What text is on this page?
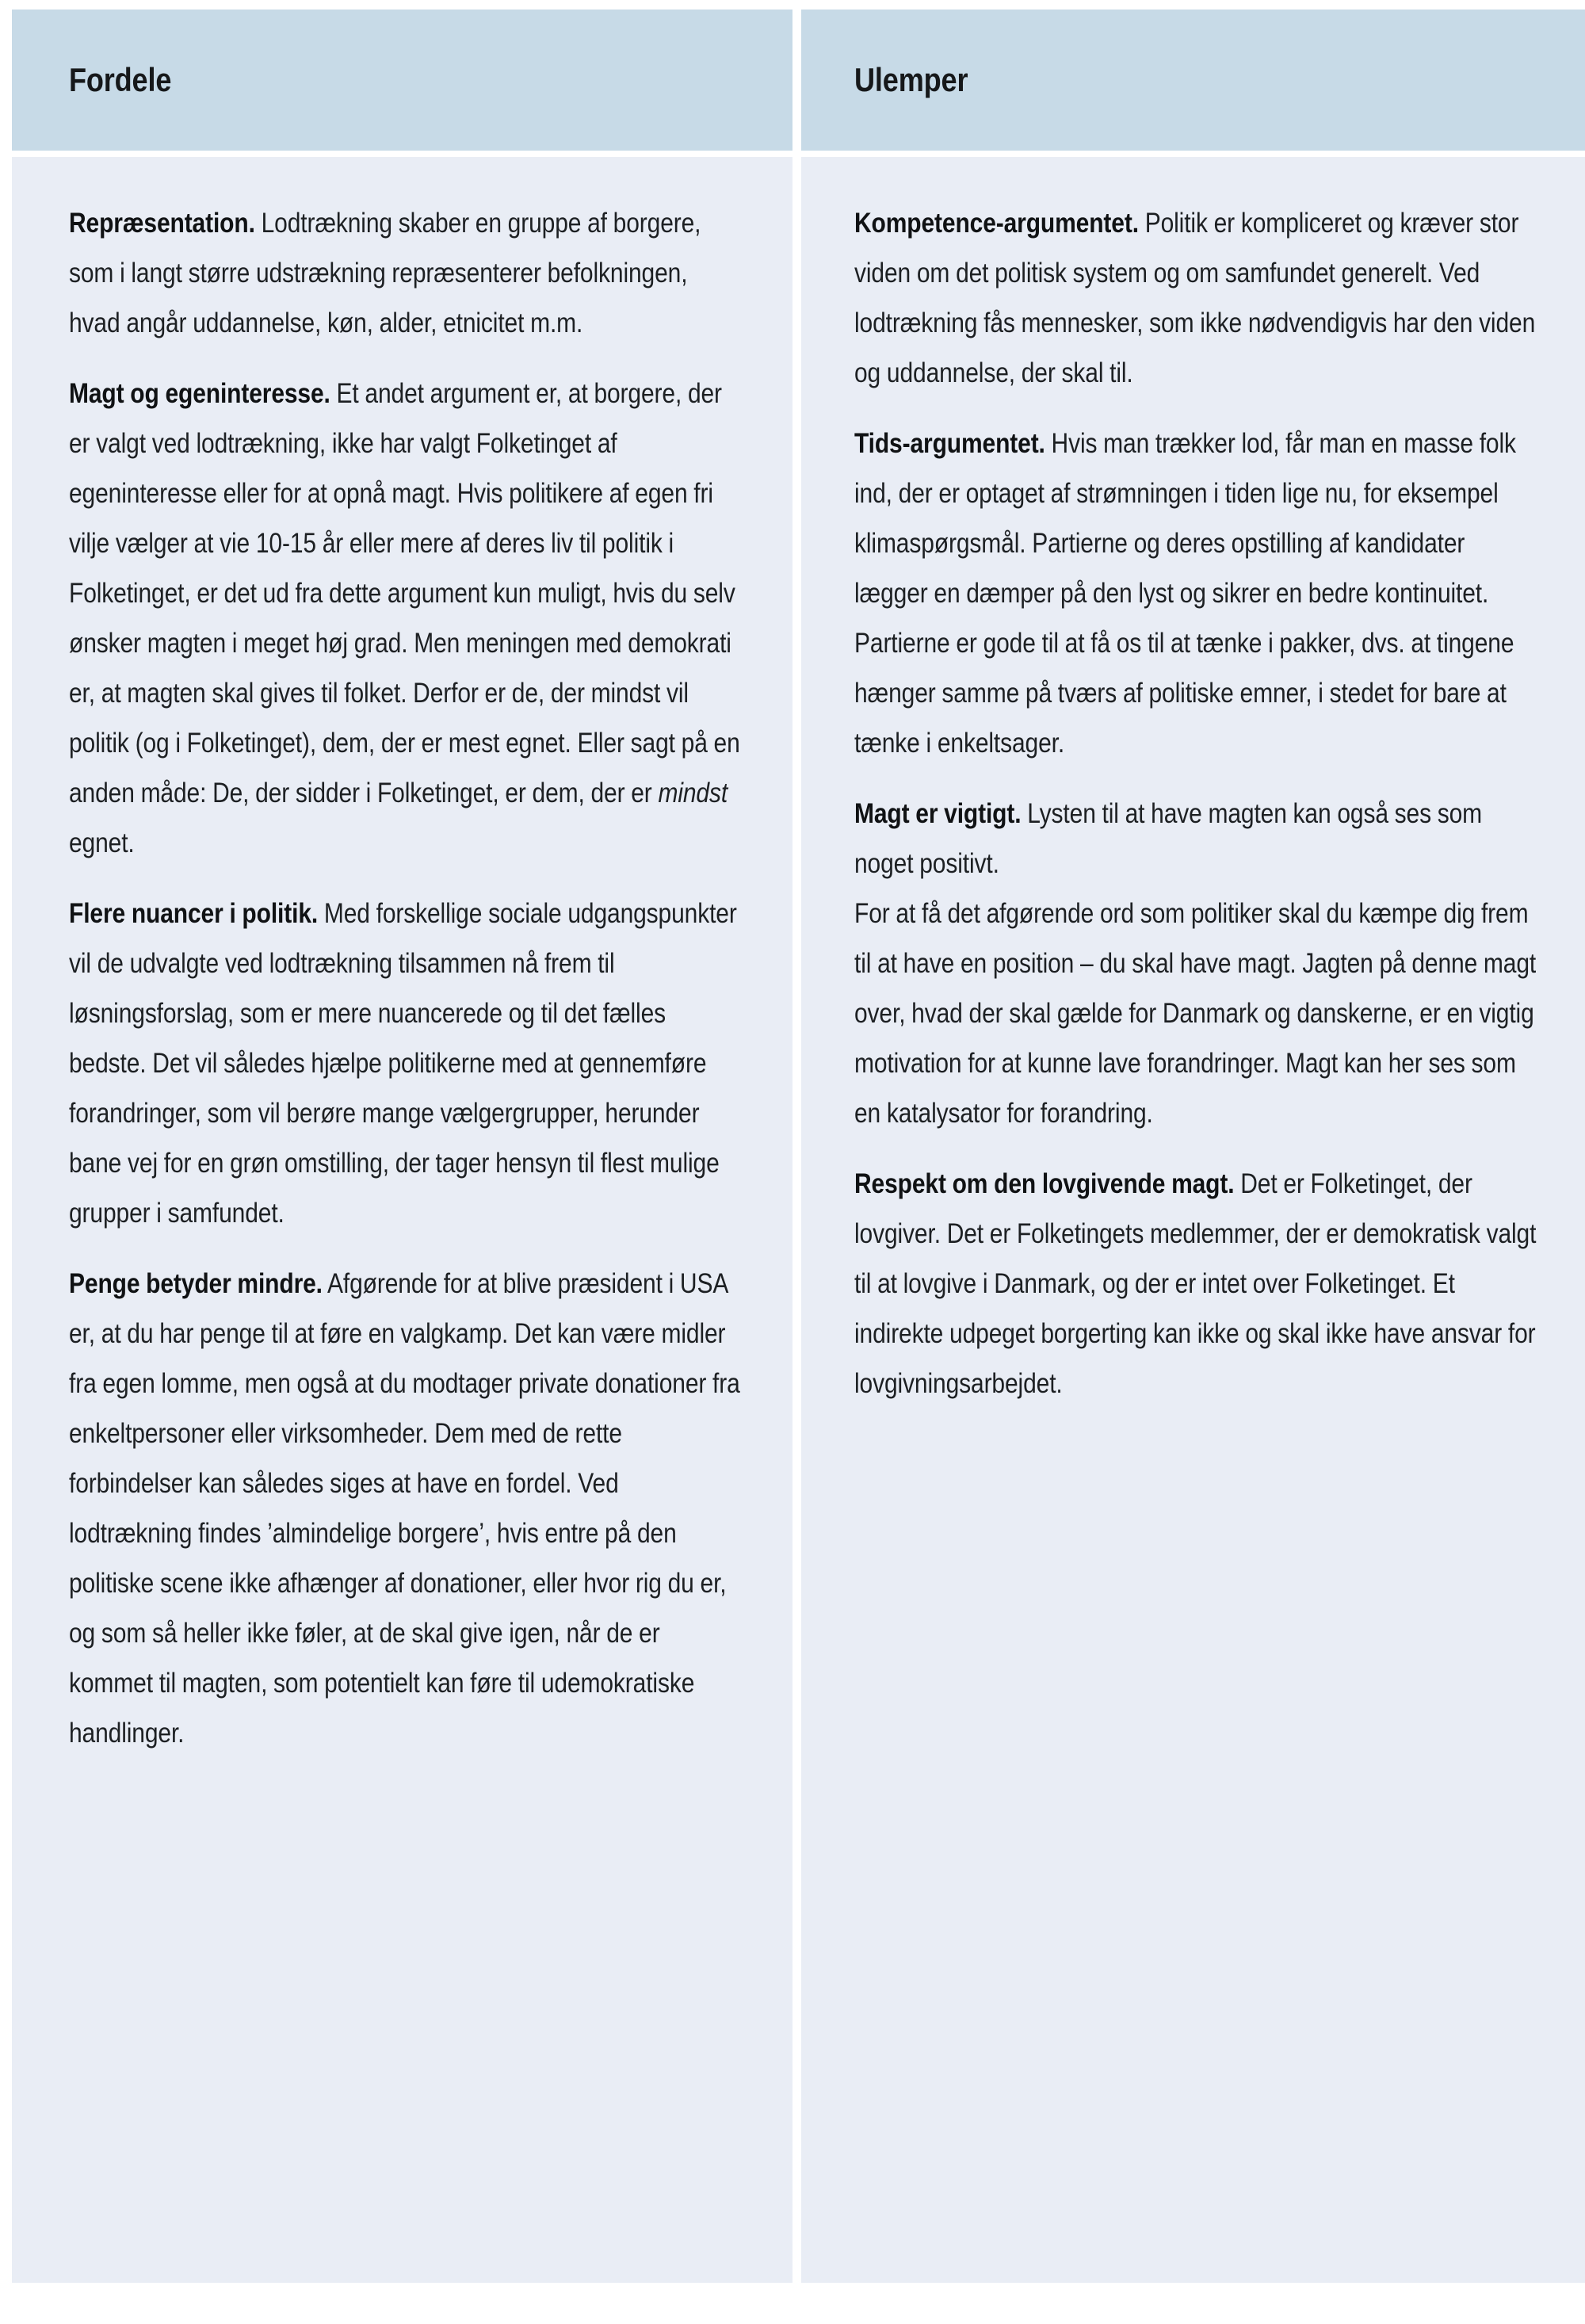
Fordele	Ulemper

Repræsentation. Lodtrækning skaber en gruppe af borgere, som i langt større udstrækning repræsenterer befolkningen, hvad angår uddannelse, køn, alder, etnicitet m.m.

Magt og egeninteresse. Et andet argument er, at borgere, der er valgt ved lodtrækning, ikke har valgt Folketinget af egeninteresse eller for at opnå magt. Hvis politikere af egen fri vilje vælger at vie 10-15 år eller mere af deres liv til politik i Folketinget, er det ud fra dette argument kun muligt, hvis du selv ønsker magten i meget høj grad. Men meningen med demokrati er, at magten skal gives til folket. Derfor er de, der mindst vil politik (og i Folketinget), dem, der er mest egnet. Eller sagt på en anden måde: De, der sidder i Folketinget, er dem, der er mindst egnet.

Flere nuancer i politik. Med forskellige sociale udgangspunkter vil de udvalgte ved lodtrækning tilsammen nå frem til løsningsforslag, som er mere nuancerede og til det fælles bedste. Det vil således hjælpe politikerne med at gennemføre forandringer, som vil berøre mange vælgergrupper, herunder bane vej for en grøn omstilling, der tager hensyn til flest mulige grupper i samfundet.

Penge betyder mindre. Afgørende for at blive præsident i USA er, at du har penge til at føre en valgkamp. Det kan være midler fra egen lomme, men også at du modtager private donationer fra enkeltpersoner eller virksomheder. Dem med de rette forbindelser kan således siges at have en fordel. Ved lodtrækning findes ’almindelige borgere’, hvis entre på den politiske scene ikke afhænger af donationer, eller hvor rig du er, og som så heller ikke føler, at de skal give igen, når de er kommet til magten, som potentielt kan føre til udemokratiske handlinger.

Kompetence-argumentet. Politik er kompliceret og kræver stor viden om det politisk system og om samfundet generelt. Ved lodtrækning fås mennesker, som ikke nødvendigvis har den viden og uddannelse, der skal til.

Tids-argumentet. Hvis man trækker lod, får man en masse folk ind, der er optaget af strømningen i tiden lige nu, for eksempel klimaspørgsmål. Partierne og deres opstilling af kandidater lægger en dæmper på den lyst og sikrer en bedre kontinuitet. Partierne er gode til at få os til at tænke i pakker, dvs. at tingene hænger samme på tværs af politiske emner, i stedet for bare at tænke i enkeltsager.

Magt er vigtigt. Lysten til at have magten kan også ses som noget positivt.

For at få det afgørende ord som politiker skal du kæmpe dig frem til at have en position – du skal have magt. Jagten på denne magt over, hvad der skal gælde for Danmark og danskerne, er en vigtig motivation for at kunne lave forandringer. Magt kan her ses som en katalysator for forandring.

Respekt om den lovgivende magt. Det er Folketinget, der lovgiver. Det er Folketingets medlemmer, der er demokratisk valgt til at lovgive i Danmark, og der er intet over Folketinget. Et indirekte udpeget borgerting kan ikke og skal ikke have ansvar for lovgivningsarbejdet.
